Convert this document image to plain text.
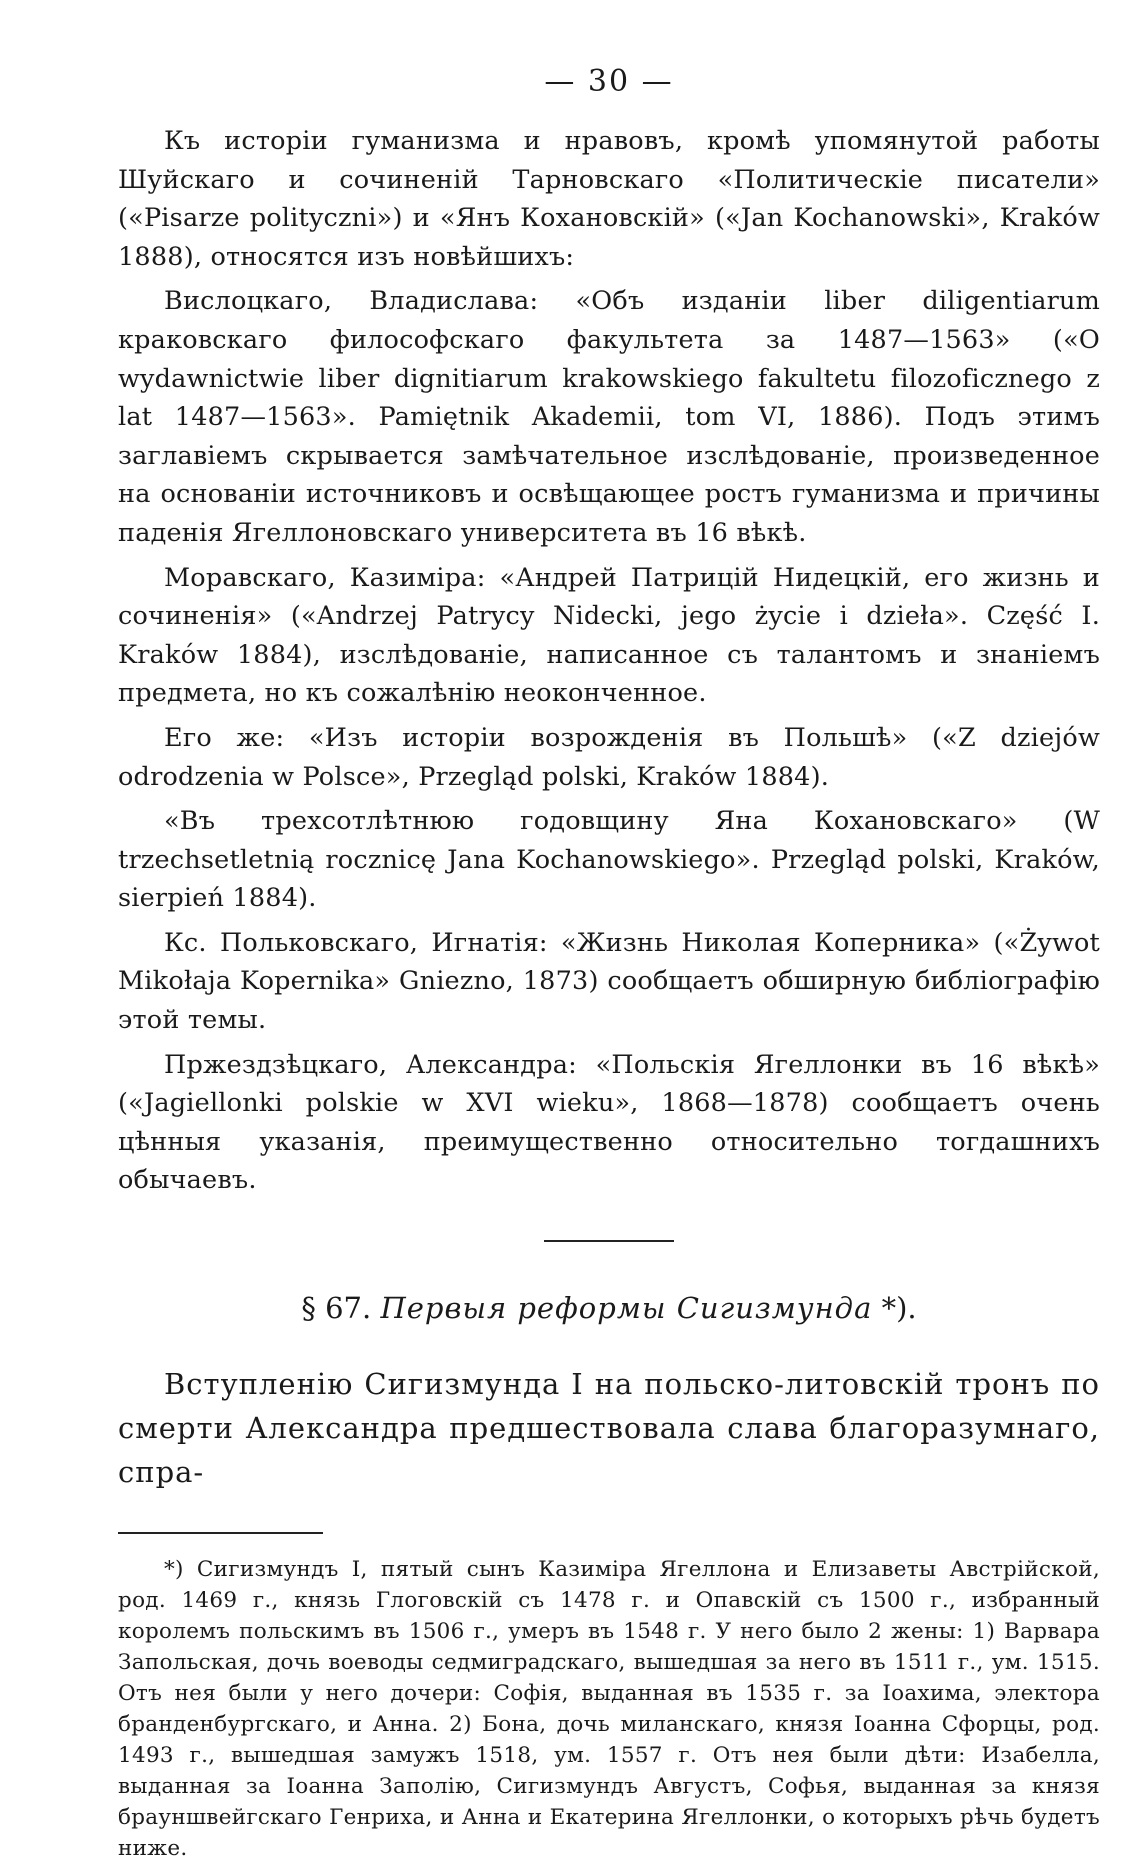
— 30 —

Къ исторіи гуманизма и нравовъ, кромѣ упомянутой работы Шуйскаго и сочиненій Тарновскаго «Политическіе писатели» («Pisarze polityczni») и «Янъ Кохановскій» («Jan Kochanowski», Kraków 1888), относятся изъ новѣйшихъ:

Вислоцкаго, Владислава: «Объ изданіи liber diligentiarum краковскаго философскаго факультета за 1487—1563» («O wydawnictwie liber dignitiarum krakowskiego fakultetu filozoficznego z lat 1487—1563». Pamiętnik Akademii, tom VI, 1886). Подъ этимъ заглавіемъ скрывается замѣчательное изслѣдованіе, произведенное на основаніи источниковъ и освѣщающее ростъ гуманизма и причины паденія Ягеллоновскаго университета въ 16 вѣкѣ.

Моравскаго, Казиміра: «Андрей Патрицій Нидецкій, его жизнь и сочиненія» («Andrzej Patrycy Nidecki, jego życie i dzieła». Część I. Kraków 1884), изслѣдованіе, написанное съ талантомъ и знаніемъ предмета, но къ сожалѣнію неоконченное.

Его же: «Изъ исторіи возрожденія въ Польшѣ» («Z dziejów odrodzenia w Polsce», Przegląd polski, Kraków 1884).

«Въ трехсотлѣтнюю годовщину Яна Кохановскаго» (W trzechsetletnią rocznicę Jana Kochanowskiego». Przegląd polski, Kraków, sierpień 1884).

Кс. Польковскаго, Игнатія: «Жизнь Николая Коперника» («Żywot Mikołaja Kopernika» Gniezno, 1873) сообщаетъ обширную библіографію этой темы.

Пржездзѣцкаго, Александра: «Польскія Ягеллонки въ 16 вѣкѣ» («Jagiellonki polskie w XVI wieku», 1868—1878) сообщаетъ очень цѣнныя указанія, преимущественно относительно тогдашнихъ обычаевъ.

§ 67. Первыя реформы Сигизмунда *).

Вступленію Сигизмунда I на польско-литовскій тронъ по смерти Александра предшествовала слава благоразумнаго, спра-

*) Сигизмундъ I, пятый сынъ Казиміра Ягеллона и Елизаветы Австрійской, род. 1469 г., князь Глоговскій съ 1478 г. и Опавскій съ 1500 г., избранный королемъ польскимъ въ 1506 г., умеръ въ 1548 г. У него было 2 жены: 1) Варвара Запольская, дочь воеводы седмиградскаго, вышедшая за него въ 1511 г., ум. 1515. Отъ нея были у него дочери: Софія, выданная въ 1535 г. за Іоахима, электора бранденбургскаго, и Анна. 2) Бона, дочь миланскаго, князя Іоанна Сфорцы, род. 1493 г., вышедшая замужъ 1518, ум. 1557 г. Отъ нея были дѣти: Изабелла, выданная за Іоанна Заполію, Сигизмундъ Августъ, Софья, выданная за князя брауншвейгскаго Генриха, и Анна и Екатерина Ягеллонки, о которыхъ рѣчь будетъ ниже.
